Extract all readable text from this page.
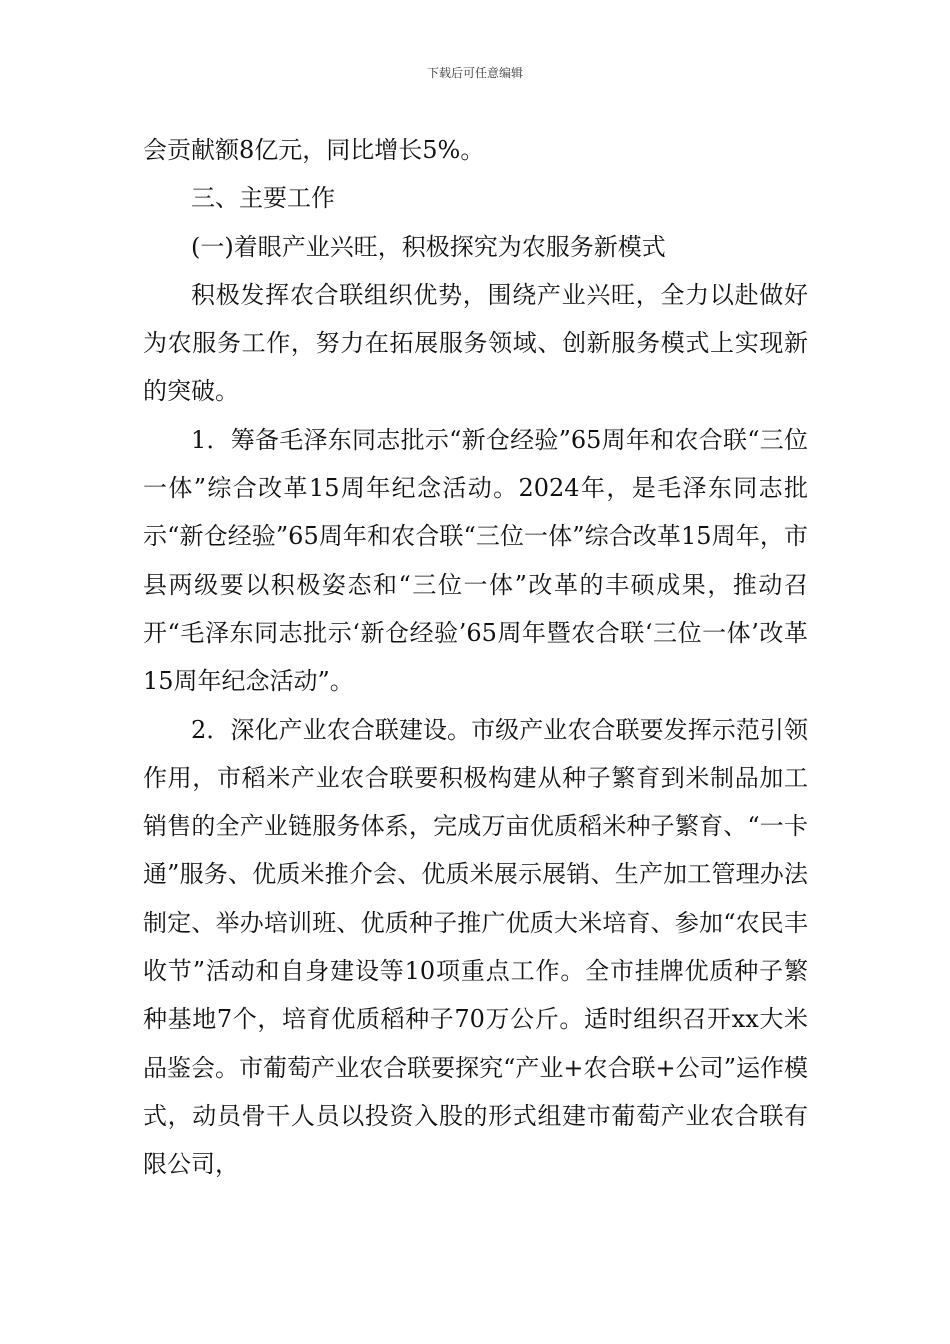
下载后可任意编辑

会贡献额8亿元，同比增长5%。

三、主要工作

(一)着眼产业兴旺，积极探究为农服务新模式

积极发挥农合联组织优势，围绕产业兴旺，全力以赴做好为农服务工作，努力在拓展服务领域、创新服务模式上实现新的突破。

1．筹备毛泽东同志批示“新仓经验”65周年和农合联“三位一体”综合改革15周年纪念活动。2024年，是毛泽东同志批示“新仓经验”65周年和农合联“三位一体”综合改革15周年，市县两级要以积极姿态和“三位一体”改革的丰硕成果，推动召开“毛泽东同志批示‘新仓经验’65周年暨农合联‘三位一体’改革15周年纪念活动”。

2．深化产业农合联建设。市级产业农合联要发挥示范引领作用，市稻米产业农合联要积极构建从种子繁育到米制品加工销售的全产业链服务体系，完成万亩优质稻米种子繁育、“一卡通”服务、优质米推介会、优质米展示展销、生产加工管理办法制定、举办培训班、优质种子推广优质大米培育、参加“农民丰收节”活动和自身建设等10项重点工作。全市挂牌优质种子繁种基地7个，培育优质稻种子70万公斤。适时组织召开xx大米品鉴会。市葡萄产业农合联要探究“产业+农合联+公司”运作模式，动员骨干人员以投资入股的形式组建市葡萄产业农合联有限公司，
